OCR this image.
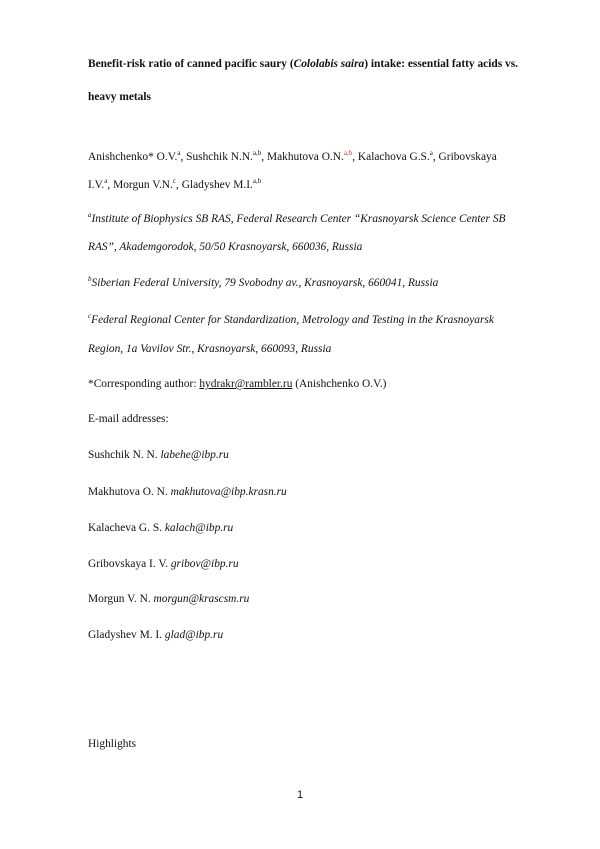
Benefit-risk ratio of canned pacific saury (Cololabis saira) intake: essential fatty acids vs.
heavy metals
Anishchenko* O.V.$^a$, Sushchik N.N.$^{a,b}$, Makhutova O.N.$^{a,b}$, Kalachova G.S.$^a$, Gribovskaya
I.V.$^a$, Morgun V.N.$^c$, Gladyshev M.I.$^{a,b}$
$^a$Institute of Biophysics SB RAS, Federal Research Center “Krasnoyarsk Science Center SB
RAS”, Akademgorodok, 50/50 Krasnoyarsk, 660036, Russia
$^b$Siberian Federal University, 79 Svobodny av., Krasnoyarsk, 660041, Russia
$^c$Federal Regional Center for Standardization, Metrology and Testing in the Krasnoyarsk
Region, 1a Vavilov Str., Krasnoyarsk, 660093, Russia
*Corresponding author: hydrakr@rambler.ru (Anishchenko O.V.)
E-mail addresses:
Sushchik N. N. labehe@ibp.ru
Makhutova O. N. makhutova@ibp.krasn.ru
Kalacheva G. S. kalach@ibp.ru
Gribovskaya I. V. gribov@ibp.ru
Morgun V. N. morgun@krascsm.ru
Gladyshev M. I. glad@ibp.ru
Highlights
1
